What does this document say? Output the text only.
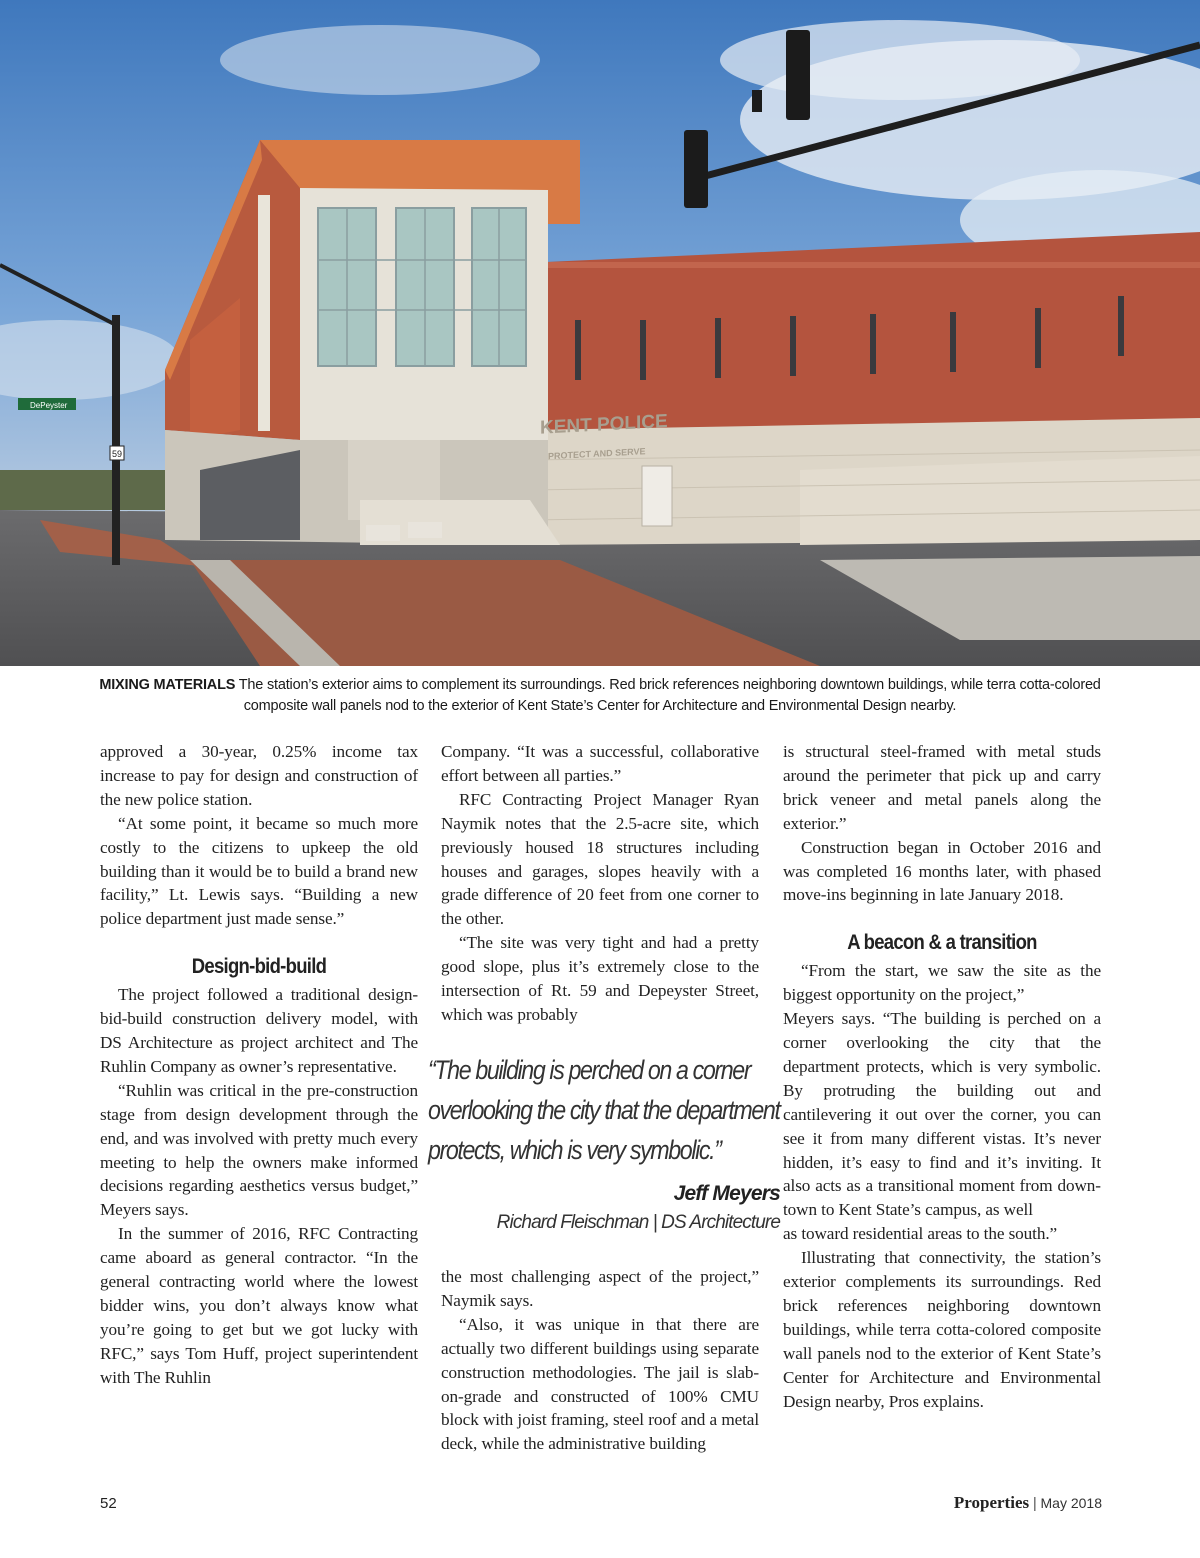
KENT POLICE
PROTECT AND SERVE
DePeyster
59
MIXING MATERIALS The station’s exterior aims to complement its surroundings. Red brick references neighboring downtown buildings, while terra cotta-colored composite wall panels nod to the exterior of Kent State’s Center for Architecture and Environmental Design nearby.

approved a 30-year, 0.25% income tax increase to pay for design and construction of the new police station.

“At some point, it became so much more costly to the citizens to upkeep the old building than it would be to build a brand new facility,” Lt. Lewis says. “Building a new police department just made sense.”

Design-bid-build

The project followed a traditional design-bid-build construction delivery model, with DS Architecture as project architect and The Ruhlin Company as owner’s representative.

“Ruhlin was critical in the pre-construction stage from design development through the end, and was involved with pretty much every meeting to help the owners make informed decisions regarding aesthetics versus budget,” Meyers says.

In the summer of 2016, RFC Contracting came aboard as general contractor. “In the general contracting world where the lowest bidder wins, you don’t always know what you’re going to get but we got lucky with RFC,” says Tom Huff, project superintendent with The Ruhlin

Company. “It was a successful, collaborative effort between all parties.”

RFC Contracting Project Manager Ryan Naymik notes that the 2.5-acre site, which previously housed 18 structures including houses and garages, slopes heavily with a grade difference of 20 feet from one corner to the other.

“The site was very tight and had a pretty good slope, plus it’s extremely close to the intersection of Rt. 59 and Depeyster Street, which was probably

“The building is perched on a corner overlooking the city that the department protects, which is very symbolic.”
Jeff Meyers
Richard Fleischman | DS Architecture

the most challenging aspect of the project,” Naymik says.

“Also, it was unique in that there are actually two different buildings using separate construction methodologies. The jail is slab-on-grade and constructed of 100% CMU block with joist framing, steel roof and a metal deck, while the administrative building

is structural steel-framed with metal studs around the perimeter that pick up and carry brick veneer and metal panels along the exterior.”

Construction began in October 2016 and was completed 16 months later, with phased move-ins beginning in late January 2018.

A beacon & a transition

“From the start, we saw the site as the biggest opportunity on the project,”

Meyers says. “The building is perched on a corner overlooking the city that the department protects, which is very symbolic. By protruding the building out and cantilevering it out over the corner, you can see it from many different vistas. It’s never hidden, it’s easy to find and it’s inviting. It also acts as a transitional moment from downtown to Kent State’s campus, as well

as toward residential areas to the south.”

Illustrating that connectivity, the station’s exterior complements its surroundings. Red brick references neighboring downtown buildings, while terra cotta-colored composite wall panels nod to the exterior of Kent State’s Center for Architecture and Environmental Design nearby, Pros explains.

52	Properties | May 2018
